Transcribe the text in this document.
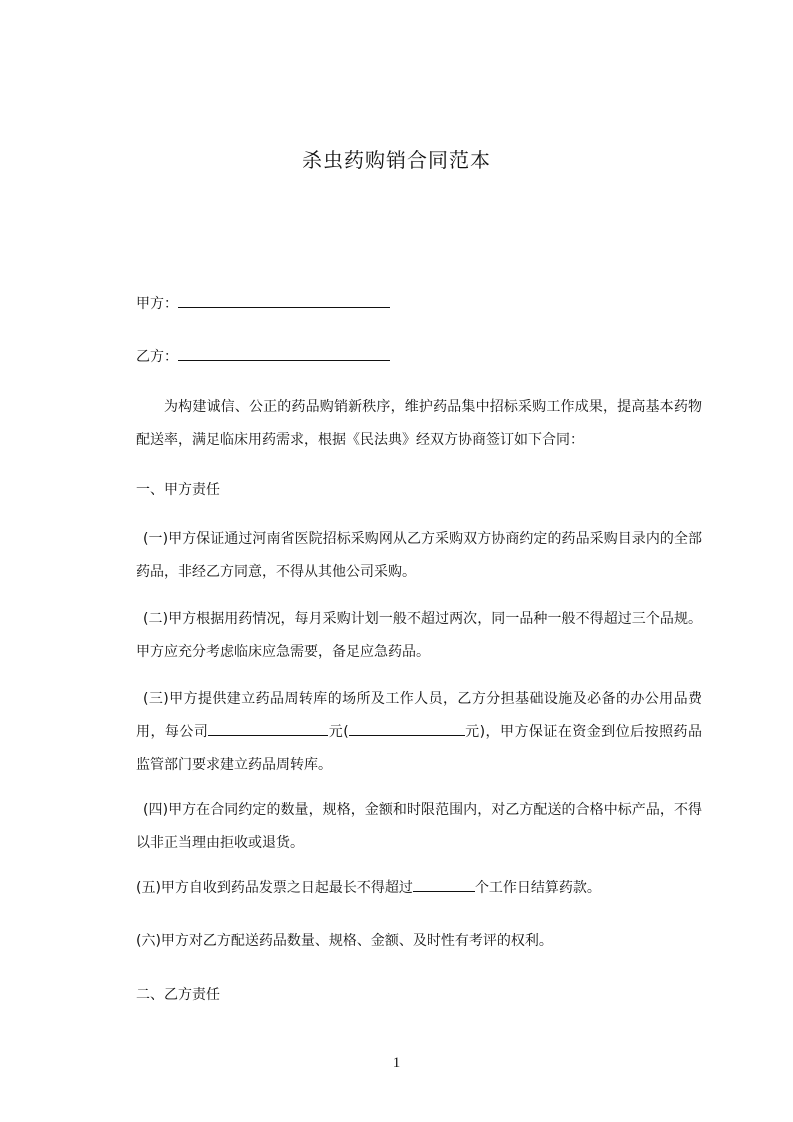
杀虫药购销合同范本
甲方：
乙方：

为构建诚信、公正的药品购销新秩序，维护药品集中招标采购工作成果，提高基本药物配送率，满足临床用药需求，根据《民法典》经双方协商签订如下合同：

一、甲方责任

(一)甲方保证通过河南省医院招标采购网从乙方采购双方协商约定的药品采购目录内的全部药品，非经乙方同意，不得从其他公司采购。

(二)甲方根据用药情况，每月采购计划一般不超过两次，同一品种一般不得超过三个品规。甲方应充分考虑临床应急需要，备足应急药品。

(三)甲方提供建立药品周转库的场所及工作人员，乙方分担基础设施及必备的办公用品费用，每公司	元(	元)，甲方保证在资金到位后按照药品监管部门要求建立药品周转库。

(四)甲方在合同约定的数量，规格，金额和时限范围内，对乙方配送的合格中标产品，不得以非正当理由拒收或退货。

(五)甲方自收到药品发票之日起最长不得超过	个工作日结算药款。

(六)甲方对乙方配送药品数量、规格、金额、及时性有考评的权利。

二、乙方责任

1
